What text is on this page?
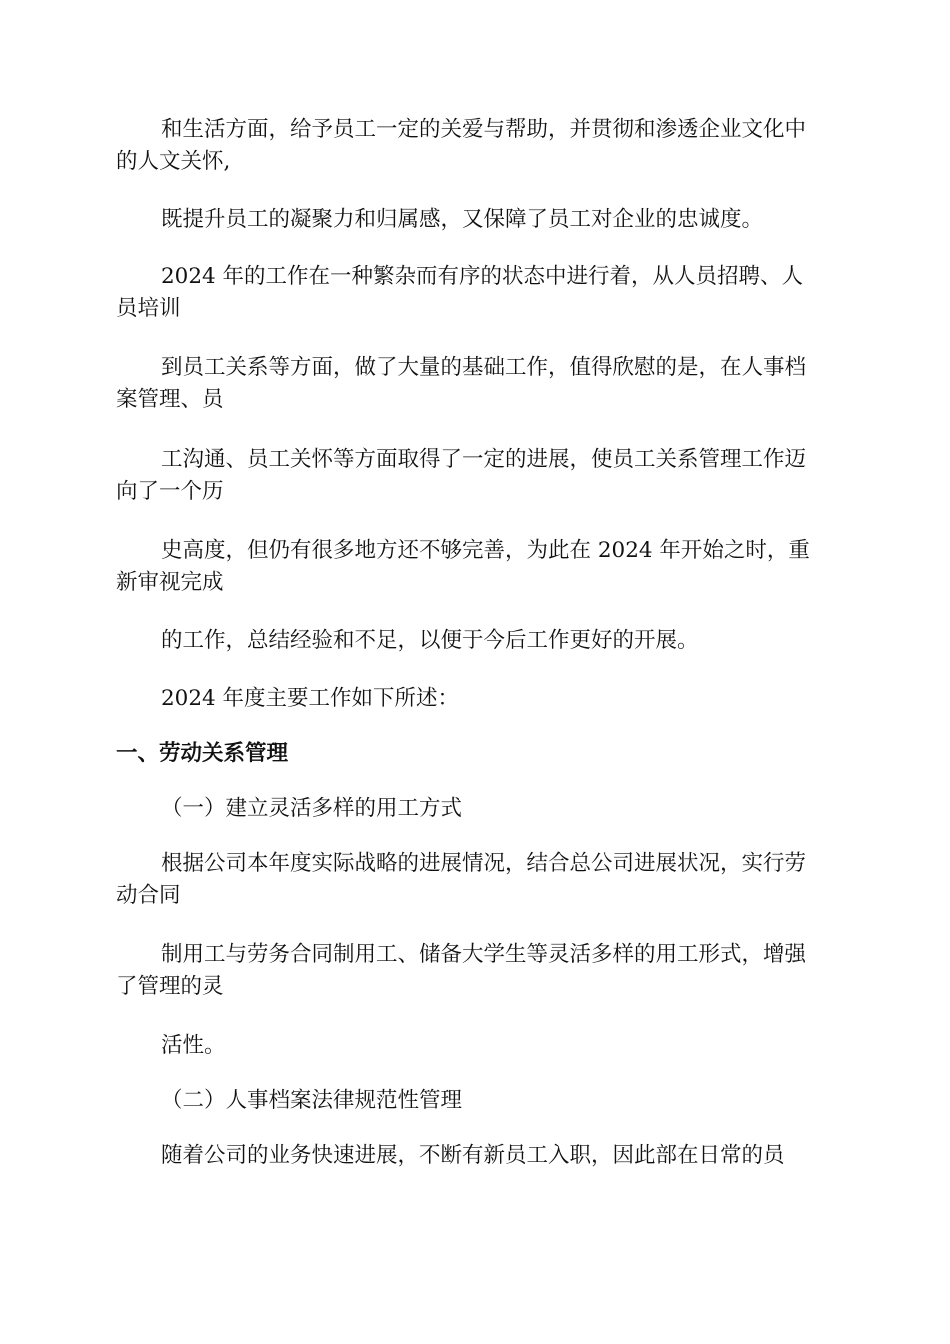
和生活方面，给予员工一定的关爱与帮助，并贯彻和渗透企业文化中
的人文关怀,

既提升员工的凝聚力和归属感，又保障了员工对企业的忠诚度。

2024 年的工作在一种繁杂而有序的状态中进行着，从人员招聘、人
员培训

到员工关系等方面，做了大量的基础工作，值得欣慰的是，在人事档
案管理、员

工沟通、员工关怀等方面取得了一定的进展，使员工关系管理工作迈
向了一个历

史高度，但仍有很多地方还不够完善，为此在 2024 年开始之时，重
新审视完成

的工作，总结经验和不足，以便于今后工作更好的开展。

2024 年度主要工作如下所述：

一、劳动关系管理

（一）建立灵活多样的用工方式

根据公司本年度实际战略的进展情况，结合总公司进展状况，实行劳
动合同

制用工与劳务合同制用工、储备大学生等灵活多样的用工形式，增强
了管理的灵

活性。

（二）人事档案法律规范性管理

随着公司的业务快速进展，不断有新员工入职，因此部在日常的员
